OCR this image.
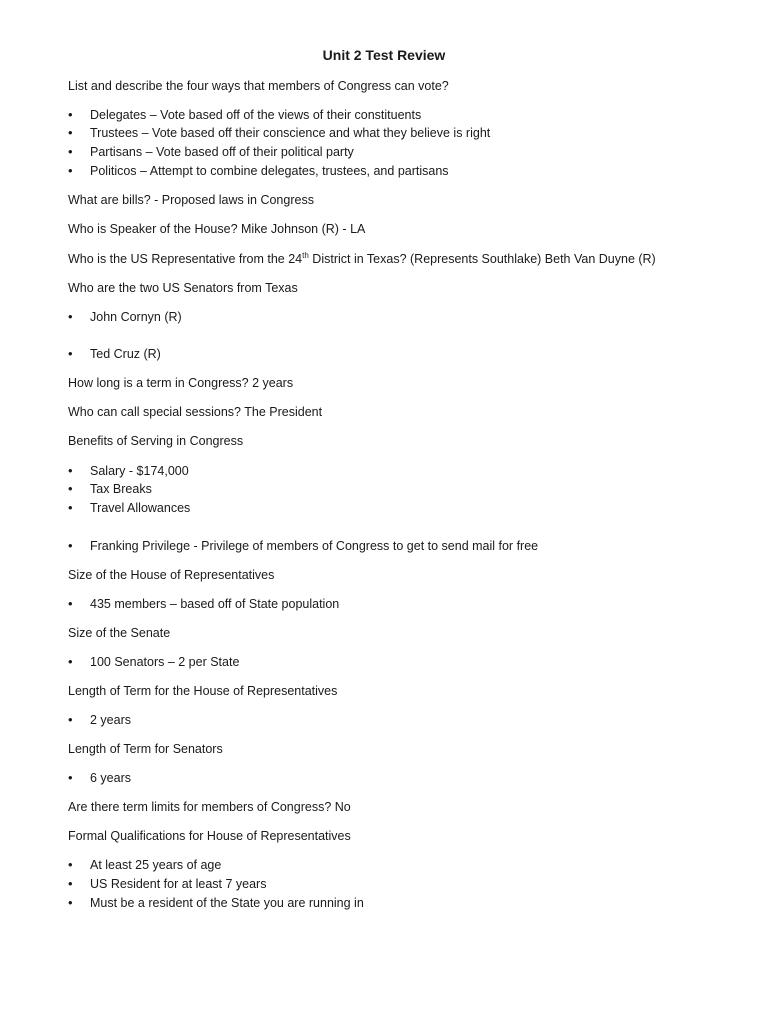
Unit 2 Test Review
List and describe the four ways that members of Congress can vote?
• Delegates – Vote based off of the views of their constituents
• Trustees – Vote based off their conscience and what they believe is right
• Partisans – Vote based off of their political party
• Politicos – Attempt to combine delegates, trustees, and partisans
What are bills? - Proposed laws in Congress
Who is Speaker of the House? Mike Johnson (R) - LA
Who is the US Representative from the 24th District in Texas? (Represents Southlake) Beth Van Duyne (R)
Who are the two US Senators from Texas
• John Cornyn (R)
• Ted Cruz (R)
How long is a term in Congress? 2 years
Who can call special sessions? The President
Benefits of Serving in Congress
• Salary - $174,000
• Tax Breaks
• Travel Allowances
• Franking Privilege - Privilege of members of Congress to get to send mail for free
Size of the House of Representatives
• 435 members – based off of State population
Size of the Senate
• 100 Senators – 2 per State
Length of Term for the House of Representatives
• 2 years
Length of Term for Senators
• 6 years
Are there term limits for members of Congress? No
Formal Qualifications for House of Representatives
• At least 25 years of age
• US Resident for at least 7 years
• Must be a resident of the State you are running in
